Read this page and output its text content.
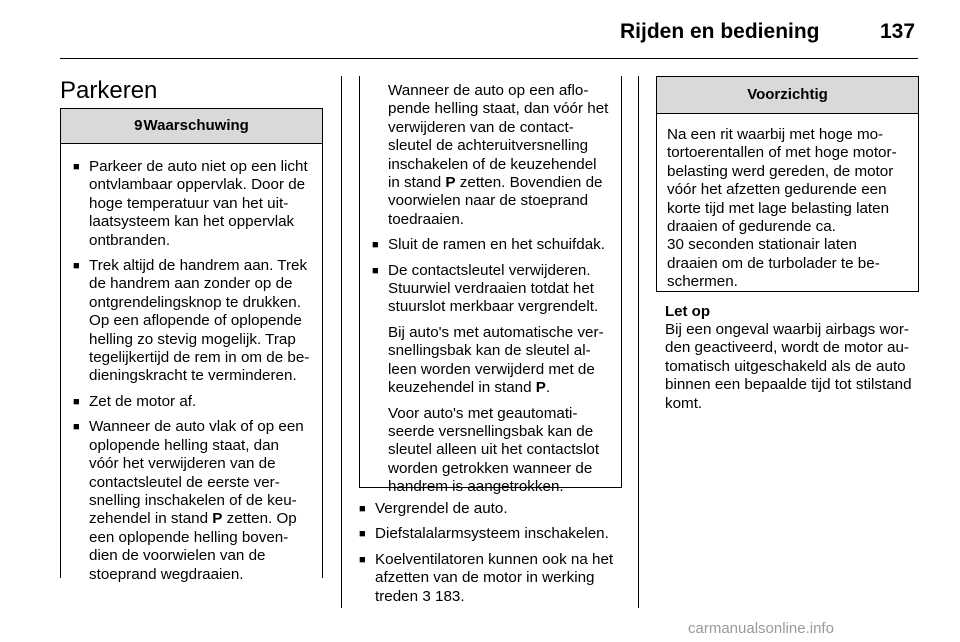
Rijden en bediening	137
Parkeren
9Waarschuwing
■ Parkeer de auto niet op een licht ontvlambaar oppervlak. Door de hoge temperatuur van het uitlaatsysteem kan het oppervlak ontbranden.
■ Trek altijd de handrem aan. Trek de handrem aan zonder op de ontgrendelingsknop te drukken. Op een aflopende of oplopende helling zo stevig mogelijk. Trap tegelijkertijd de rem in om de bedieningskracht te verminderen.
■ Zet de motor af.
■ Wanneer de auto vlak of op een oplopende helling staat, dan vóór het verwijderen van de contactsleutel de eerste versnelling inschakelen of de keuzehendel in stand P zetten. Op een oplopende helling bovendien de voorwielen van de stoeprand wegdraaien.

Wanneer de auto op een aflopende helling staat, dan vóór het verwijderen van de contactsleutel de achteruitversnelling inschakelen of de keuzehendel in stand P zetten. Bovendien de voorwielen naar de stoeprand toedraaien.

■ Sluit de ramen en het schuifdak.
■ De contactsleutel verwijderen. Stuurwiel verdraaien totdat het stuurslot merkbaar vergrendelt.

Bij auto's met automatische versnellingsbak kan de sleutel alleen worden verwijderd met de keuzehendel in stand P.

Voor auto's met geautomatiseerde versnellingsbak kan de sleutel alleen uit het contactslot worden getrokken wanneer de handrem is aangetrokken.

■ Vergrendel de auto.
■ Diefstalalarmsysteem inschakelen.
■ Koelventilatoren kunnen ook na het afzetten van de motor in werking treden 3 183.
Voorzichtig

Na een rit waarbij met hoge motortoerentallen of met hoge motorbelasting werd gereden, de motor vóór het afzetten gedurende een korte tijd met lage belasting laten draaien of gedurende ca.

30 seconden stationair laten draaien om de turbolader te beschermen.

Let op
Bij een ongeval waarbij airbags worden geactiveerd, wordt de motor automatisch uitgeschakeld als de auto binnen een bepaalde tijd tot stilstand komt.
carmanualsonline.info
